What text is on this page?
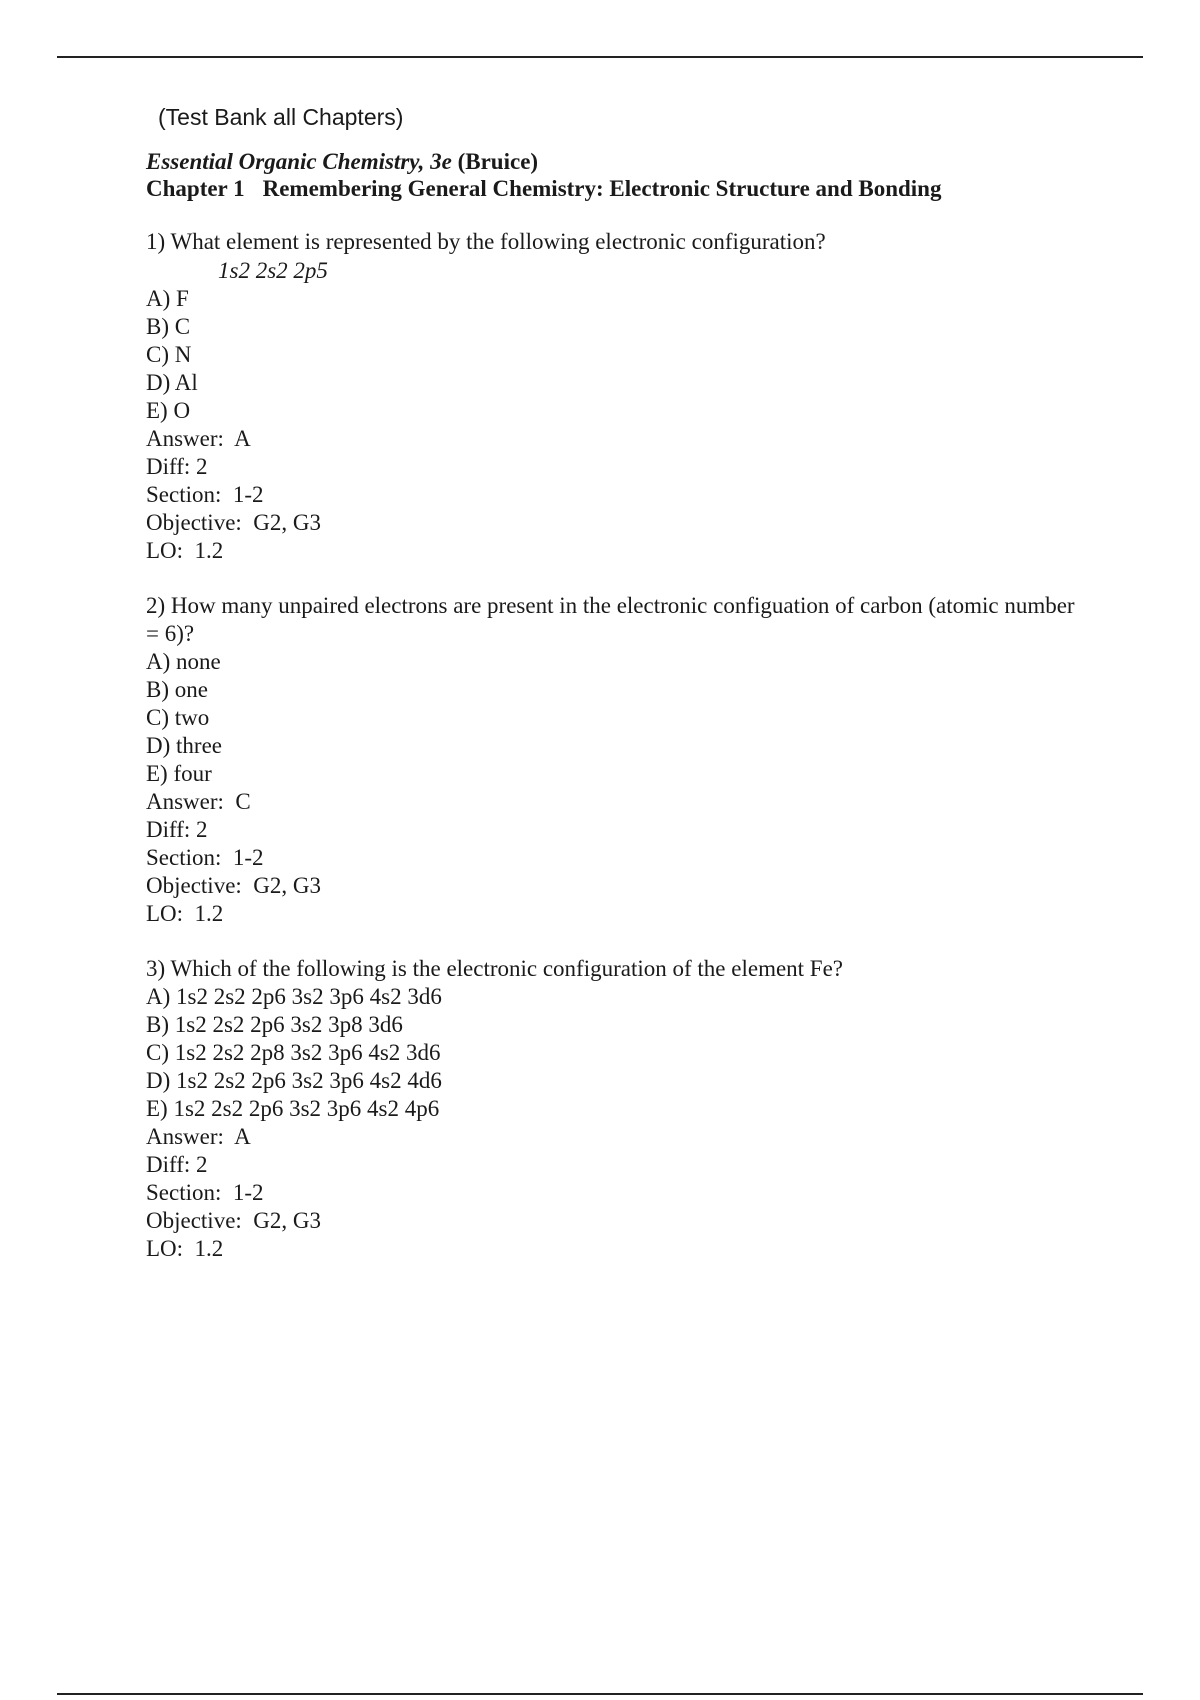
(Test Bank all Chapters)
Essential Organic Chemistry, 3e (Bruice)
Chapter 1 Remembering General Chemistry: Electronic Structure and Bonding
1) What element is represented by the following electronic configuration?
1s2 2s2 2p5
A) F
B) C
C) N
D) Al
E) O
Answer:  A
Diff: 2
Section:  1-2
Objective:  G2, G3
LO:  1.2
2) How many unpaired electrons are present in the electronic configuation of carbon (atomic number = 6)?
A) none
B) one
C) two
D) three
E) four
Answer:  C
Diff: 2
Section:  1-2
Objective:  G2, G3
LO:  1.2
3) Which of the following is the electronic configuration of the element Fe?
A) 1s2 2s2 2p6 3s2 3p6 4s2 3d6
B) 1s2 2s2 2p6 3s2 3p8 3d6
C) 1s2 2s2 2p8 3s2 3p6 4s2 3d6
D) 1s2 2s2 2p6 3s2 3p6 4s2 4d6
E) 1s2 2s2 2p6 3s2 3p6 4s2 4p6
Answer:  A
Diff: 2
Section:  1-2
Objective:  G2, G3
LO:  1.2
